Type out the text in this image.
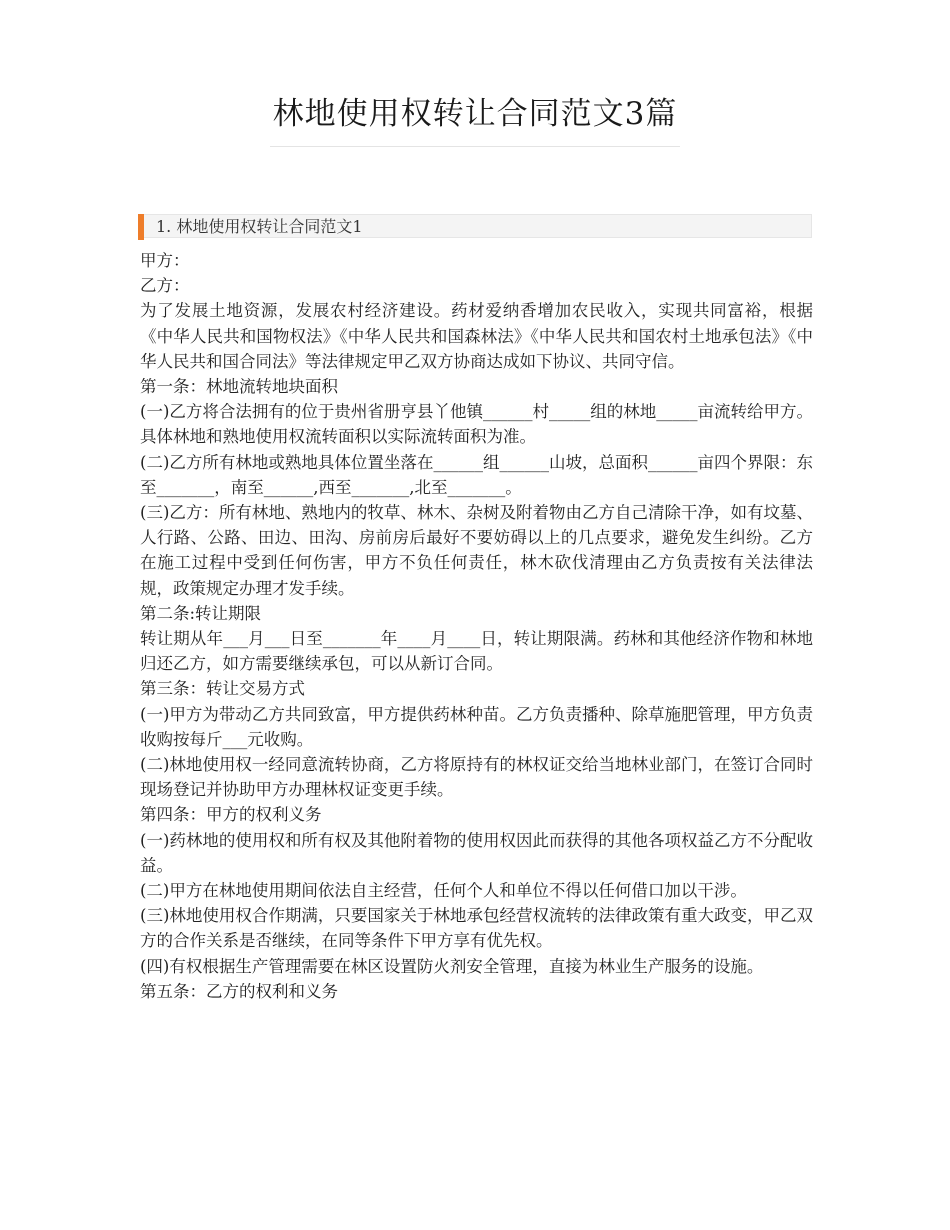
林地使用权转让合同范文3篇
1. 林地使用权转让合同范文1

甲方：

乙方：

为了发展土地资源，发展农村经济建设。药材爱纳香增加农民收入，实现共同富裕，根据《中华人民共和国物权法》《中华人民共和国森林法》《中华人民共和国农村土地承包法》《中华人民共和国合同法》等法律规定甲乙双方协商达成如下协议、共同守信。

第一条：林地流转地块面积

(一)乙方将合法拥有的位于贵州省册亨县丫他镇______村_____组的林地_____亩流转给甲方。具体林地和熟地使用权流转面积以实际流转面积为准。

(二)乙方所有林地或熟地具体位置坐落在______组______山坡，总面积______亩四个界限：东至_______，南至______,西至_______,北至_______。

(三)乙方：所有林地、熟地内的牧草、林木、杂树及附着物由乙方自己清除干净，如有坟墓、人行路、公路、田边、田沟、房前房后最好不要妨碍以上的几点要求，避免发生纠纷。乙方在施工过程中受到任何伤害，甲方不负任何责任，林木砍伐清理由乙方负责按有关法律法规，政策规定办理才发手续。

第二条:转让期限

转让期从年___月___日至_______年____月____日，转让期限满。药林和其他经济作物和林地归还乙方，如方需要继续承包，可以从新订合同。

第三条：转让交易方式

(一)甲方为带动乙方共同致富，甲方提供药林种苗。乙方负责播种、除草施肥管理，甲方负责收购按每斤___元收购。

(二)林地使用权一经同意流转协商，乙方将原持有的林权证交给当地林业部门，在签订合同时现场登记并协助甲方办理林权证变更手续。

第四条：甲方的权利义务

(一)药林地的使用权和所有权及其他附着物的使用权因此而获得的其他各项权益乙方不分配收益。

(二)甲方在林地使用期间依法自主经营，任何个人和单位不得以任何借口加以干涉。

(三)林地使用权合作期满，只要国家关于林地承包经营权流转的法律政策有重大政变，甲乙双方的合作关系是否继续，在同等条件下甲方享有优先权。

(四)有权根据生产管理需要在林区设置防火剂安全管理，直接为林业生产服务的设施。

第五条：乙方的权利和义务
